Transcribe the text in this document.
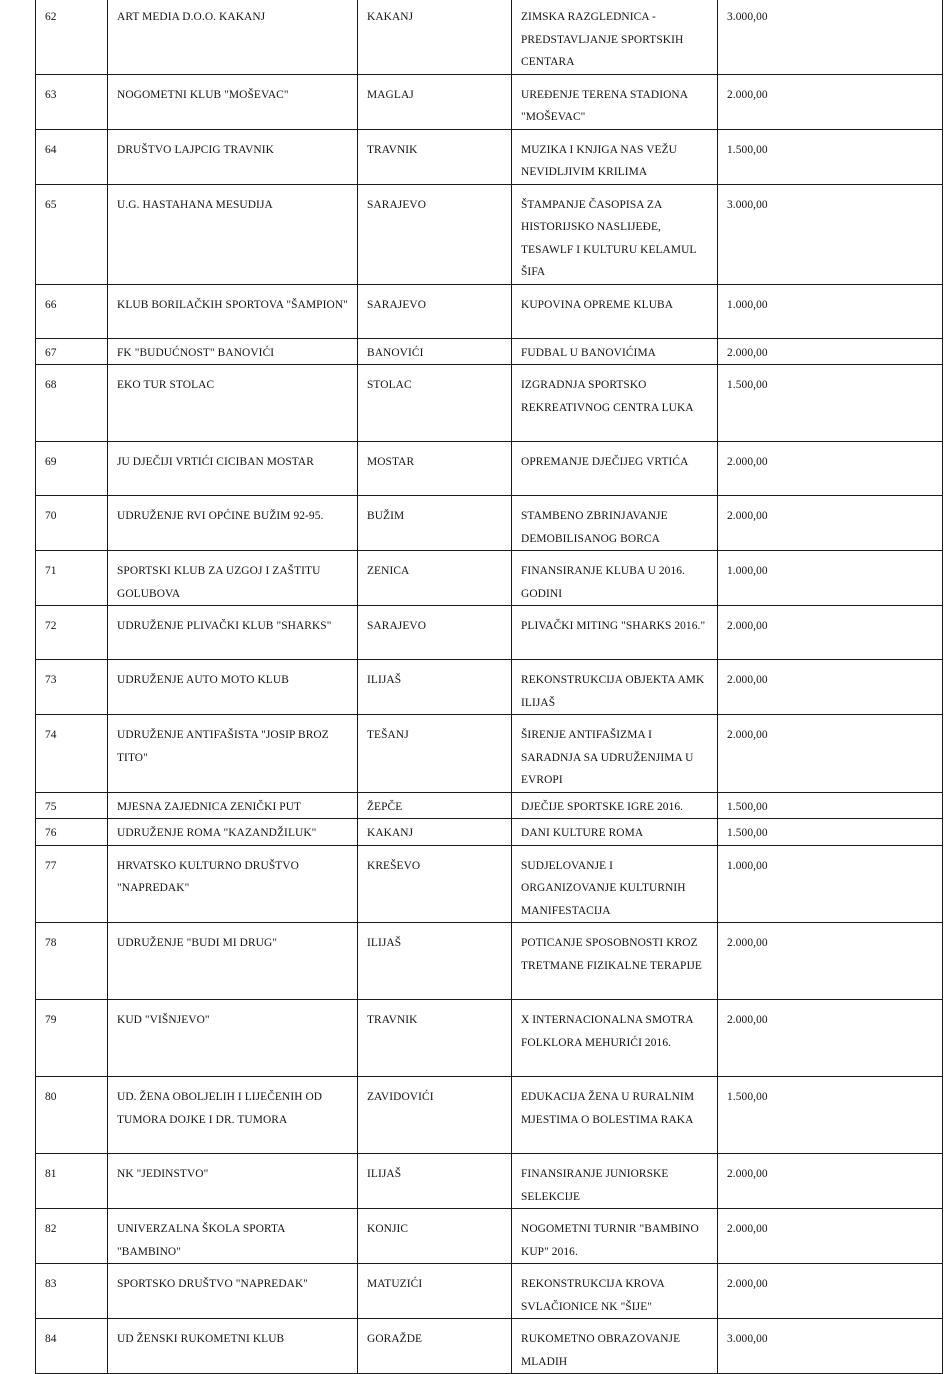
62	ART MEDIA D.O.O. KAKANJ	KAKANJ	ZIMSKA RAZGLEDNICA - PREDSTAVLJANJE SPORTSKIH CENTARA	3.000,00
63	NOGOMETNI KLUB "MOŠEVAC"	MAGLAJ	UREĐENJE TERENA STADIONA "MOŠEVAC"	2.000,00
64	DRUŠTVO LAJPCIG TRAVNIK	TRAVNIK	MUZIKA I KNJIGA NAS VEŽU NEVIDLJIVIM KRILIMA	1.500,00
65	U.G. HASTAHANA MESUDIJA	SARAJEVO	ŠTAMPANJE ČASOPISA ZA HISTORIJSKO NASLIJEĐE, TESAWLF I KULTURU KELAMUL ŠIFA	3.000,00
66	KLUB BORILAČKIH SPORTOVA "ŠAMPION"	SARAJEVO	KUPOVINA OPREME KLUBA	1.000,00
67	FK "BUDUĆNOST" BANOVIĆI	BANOVIĆI	FUDBAL U BANOVIĆIMA	2.000,00
68	EKO TUR STOLAC	STOLAC	IZGRADNJA SPORTSKO REKREATIVNOG CENTRA LUKA	1.500,00
69	JU DJEČIJI VRTIĆI CICIBAN MOSTAR	MOSTAR	OPREMANJE DJEČIJEG VRTIĆA	2.000,00
70	UDRUŽENJE RVI OPĆINE BUŽIM 92-95.	BUŽIM	STAMBENO ZBRINJAVANJE DEMOBILISANOG BORCA	2.000,00
71	SPORTSKI KLUB ZA UZGOJ I ZAŠTITU GOLUBOVA	ZENICA	FINANSIRANJE KLUBA U 2016. GODINI	1.000,00
72	UDRUŽENJE PLIVAČKI KLUB "SHARKS"	SARAJEVO	PLIVAČKI MITING "SHARKS 2016."	2.000,00
73	UDRUŽENJE AUTO MOTO KLUB	ILIJAŠ	REKONSTRUKCIJA OBJEKTA AMK ILIJAŠ	2.000,00
74	UDRUŽENJE ANTIFAŠISTA "JOSIP BROZ TITO"	TEŠANJ	ŠIRENJE ANTIFAŠIZMA I SARADNJA SA UDRUŽENJIMA U EVROPI	2.000,00
75	MJESNA ZAJEDNICA ZENIČKI PUT	ŽEPČE	DJEČIJE SPORTSKE IGRE 2016.	1.500,00
76	UDRUŽENJE ROMA "KAZANDŽILUK"	KAKANJ	DANI KULTURE ROMA	1.500,00
77	HRVATSKO KULTURNO DRUŠTVO "NAPREDAK"	KREŠEVO	SUDJELOVANJE I ORGANIZOVANJE KULTURNIH MANIFESTACIJA	1.000,00
78	UDRUŽENJE "BUDI MI DRUG"	ILIJAŠ	POTICANJE SPOSOBNOSTI KROZ TRETMANE FIZIKALNE TERAPIJE	2.000,00
79	KUD "VIŠNJEVO"	TRAVNIK	X INTERNACIONALNA SMOTRA FOLKLORA MEHURIĆI 2016.	2.000,00
80	UD. ŽENA OBOLJELIH I LIJEČENIH OD TUMORA DOJKE I DR. TUMORA	ZAVIDOVIĆI	EDUKACIJA ŽENA U RURALNIM MJESTIMA O BOLESTIMA RAKA	1.500,00
81	NK "JEDINSTVO"	ILIJAŠ	FINANSIRANJE JUNIORSKE SELEKCIJE	2.000,00
82	UNIVERZALNA ŠKOLA SPORTA "BAMBINO"	KONJIC	NOGOMETNI TURNIR "BAMBINO KUP" 2016.	2.000,00
83	SPORTSKO DRUŠTVO "NAPREDAK"	MATUZIĆI	REKONSTRUKCIJA KROVA SVLAČIONICE NK "ŠIJE"	2.000,00
84	UD ŽENSKI RUKOMETNI KLUB	GORAŽDE	RUKOMETNO OBRAZOVANJE MLADIH	3.000,00
